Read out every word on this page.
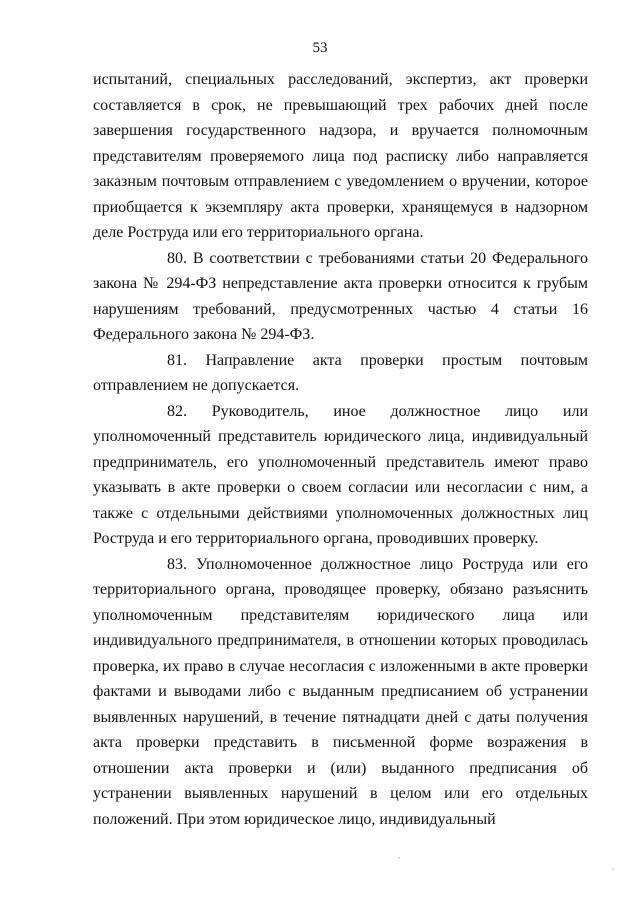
53

испытаний, специальных расследований, экспертиз, акт проверки составляется в срок, не превышающий трех рабочих дней после завершения государственного надзора, и вручается полномочным представителям проверяемого лица под расписку либо направляется заказным почтовым отправлением с уведомлением о вручении, которое приобщается к экземпляру акта проверки, хранящемуся в надзорном деле Роструда или его территориального органа.

80. В соответствии с требованиями статьи 20 Федерального закона № 294-ФЗ непредставление акта проверки относится к грубым нарушениям требований, предусмотренных частью 4 статьи 16 Федерального закона № 294-ФЗ.

81. Направление акта проверки простым почтовым отправлением не допускается.

82. Руководитель, иное должностное лицо или уполномоченный представитель юридического лица, индивидуальный предприниматель, его уполномоченный представитель имеют право указывать в акте проверки о своем согласии или несогласии с ним, а также с отдельными действиями уполномоченных должностных лиц Роструда и его территориального органа, проводивших проверку.

83. Уполномоченное должностное лицо Роструда или его территориального органа, проводящее проверку, обязано разъяснить уполномоченным представителям юридического лица или индивидуального предпринимателя, в отношении которых проводилась проверка, их право в случае несогласия с изложенными в акте проверки фактами и выводами либо с выданным предписанием об устранении выявленных нарушений, в течение пятнадцати дней с даты получения акта проверки представить в письменной форме возражения в отношении акта проверки и (или) выданного предписания об устранении выявленных нарушений в целом или его отдельных положений. При этом юридическое лицо, индивидуальный
